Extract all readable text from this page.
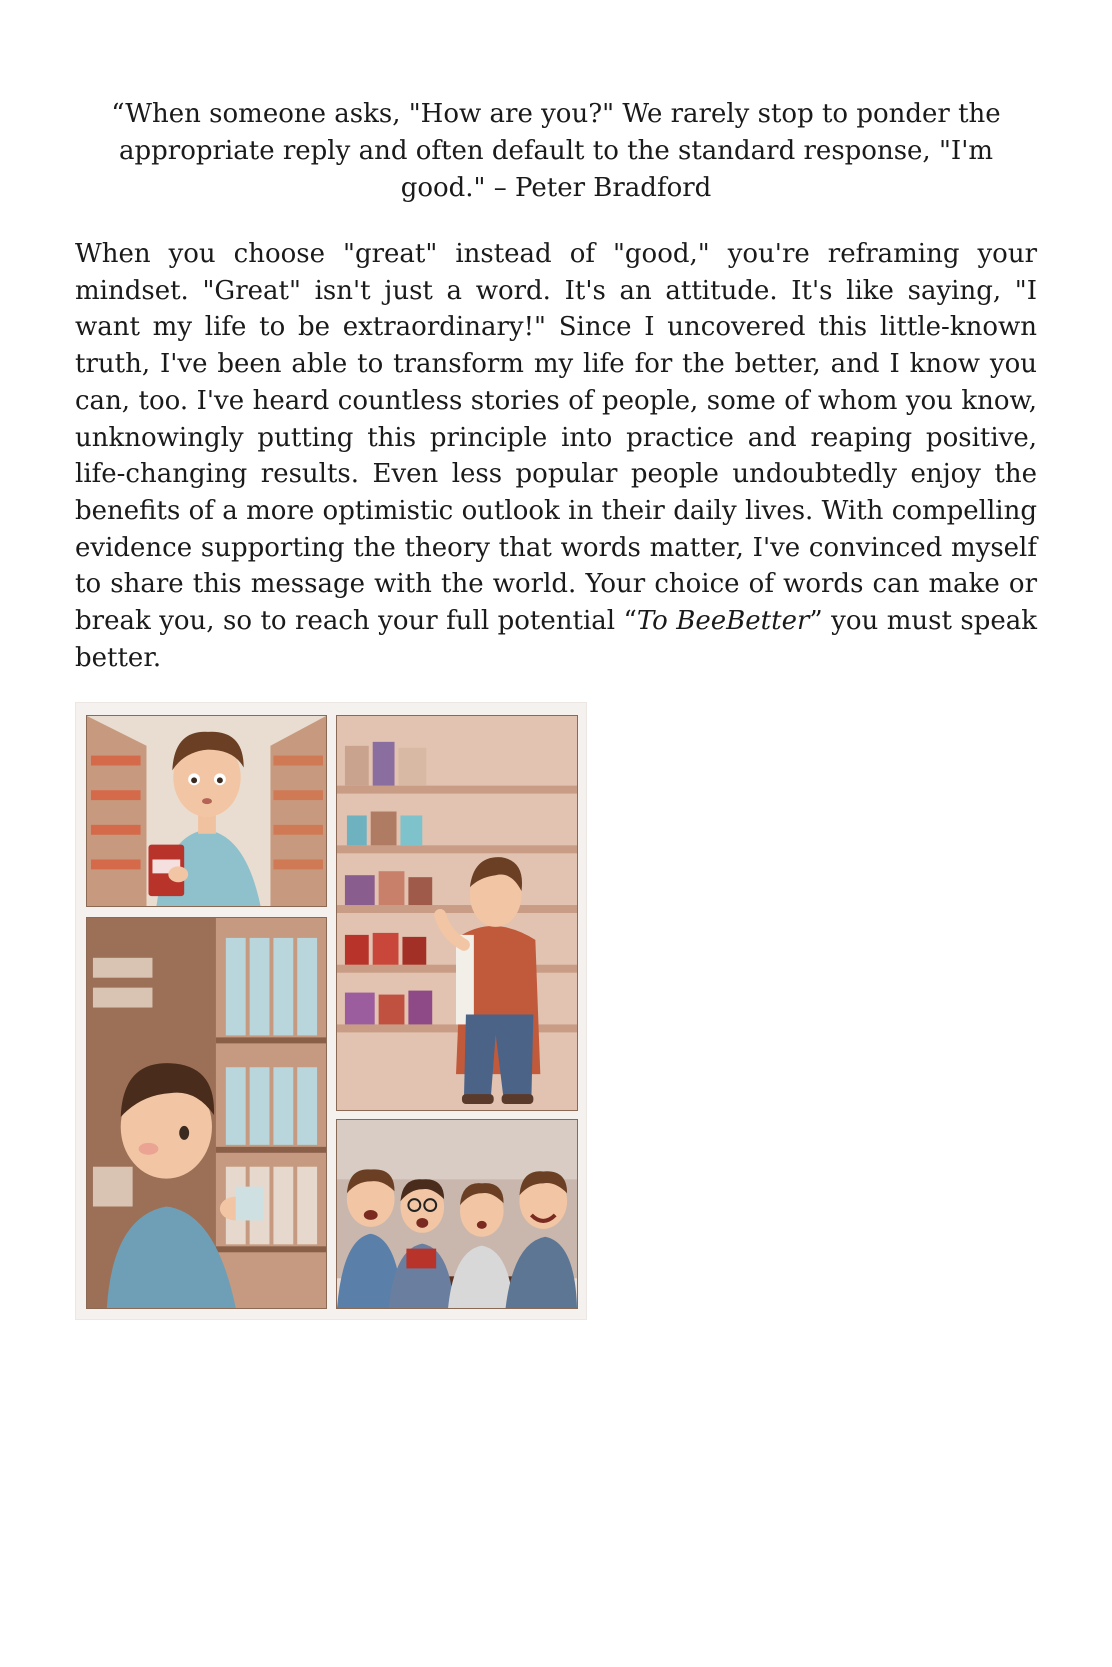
“When someone asks, "How are you?" We rarely stop to ponder the appropriate reply and often default to the standard response, "I'm good." – Peter Bradford

When you choose "great" instead of "good," you're reframing your mindset. "Great" isn't just a word. It's an attitude. It's like saying, "I want my life to be extraordinary!" Since I uncovered this little-known truth, I've been able to transform my life for the better, and I know you can, too. I've heard countless stories of people, some of whom you know, unknowingly putting this principle into practice and reaping positive, life-changing results. Even less popular people undoubtedly enjoy the benefits of a more optimistic outlook in their daily lives. With compelling evidence supporting the theory that words matter, I've convinced myself to share this message with the world. Your choice of words can make or break you, so to reach your full potential “To BeeBetter” you must speak better.
